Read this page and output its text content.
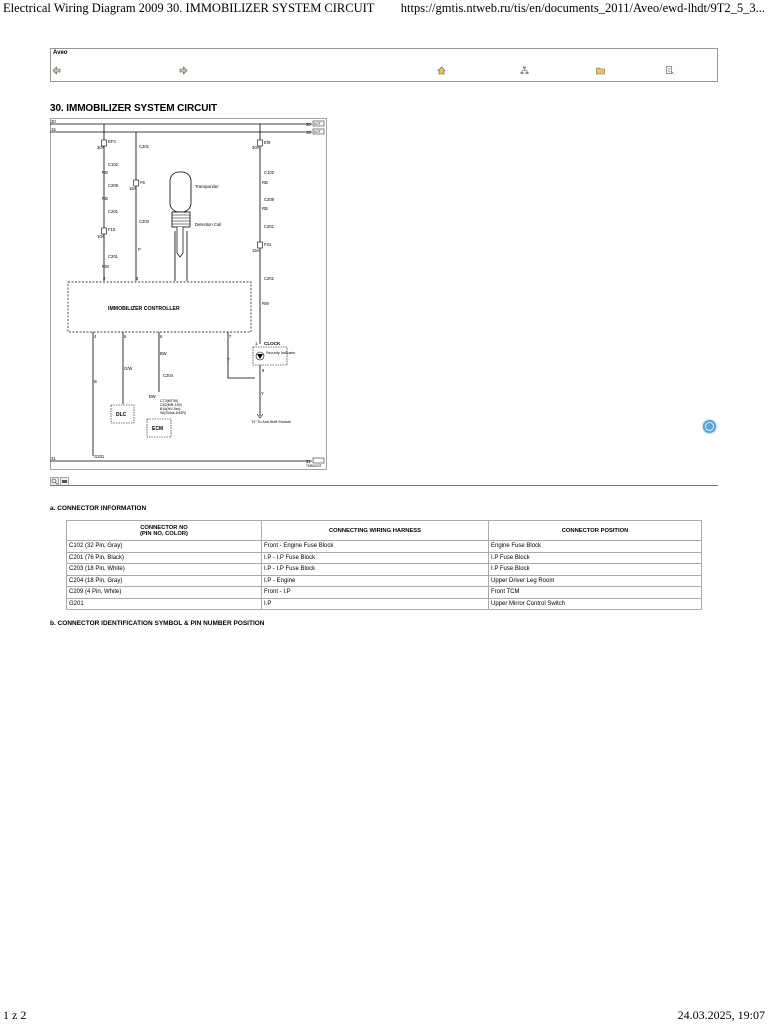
Electrical Wiring Diagram 2009 30. IMMOBILIZER SYSTEM CIRCUIT https://gmtis.ntweb.ru/tis/en/documents_2011/Aveo/ewd-lhdt/9T2_5_3...
Aveo
30. IMMOBILIZER SYSTEM CIRCUIT
30
15
31
30
15
31
HOT
HOT
EF3
30A
C102
RB
C209
RB
C201
F10
10A
C201
RW
2
C201
F6
15A
C203
P
3
Transponder
Detection Coil
Ef9
30A
C102
RB
C209
RB
C201
F31
15A
C201
RW
IMMOBILIZER CONTROLLER
4
B
5
G/W
6
BW
C204
BW
7
Y
DLC
ECM
C73(MT50)
C82(MR-140)
B16(HV-5xx)
S6(Sirius-D42R)
CLOCK
1
Security Indicator
8
Y
"H" To Anti-theft Module
G201
TMB1020T
a. CONNECTOR INFORMATION
CONNECTOR NO
(PIN NO, COLOR)	CONNECTING WIRING HARNESS	CONNECTOR POSITION
C102 (32 Pin, Gray)	Front - Engine Fuse Block	Engine Fuse Block
C201 (76 Pin, Black)	I.P - I.P Fuse Block	I.P Fuse Block
C203 (18 Pin, White)	I.P - I.P Fuse Block	I.P Fuse Block
C204 (18 Pin, Gray)	I.P - Engine	Upper Driver Leg Room
C209 (4 Pin, White)	Front - I.P	Front TCM
G201	I.P	Upper Mirror Control Switch
b. CONNECTOR IDENTIFICATION SYMBOL & PIN NUMBER POSITION
1 z 2	24.03.2025, 19:07
